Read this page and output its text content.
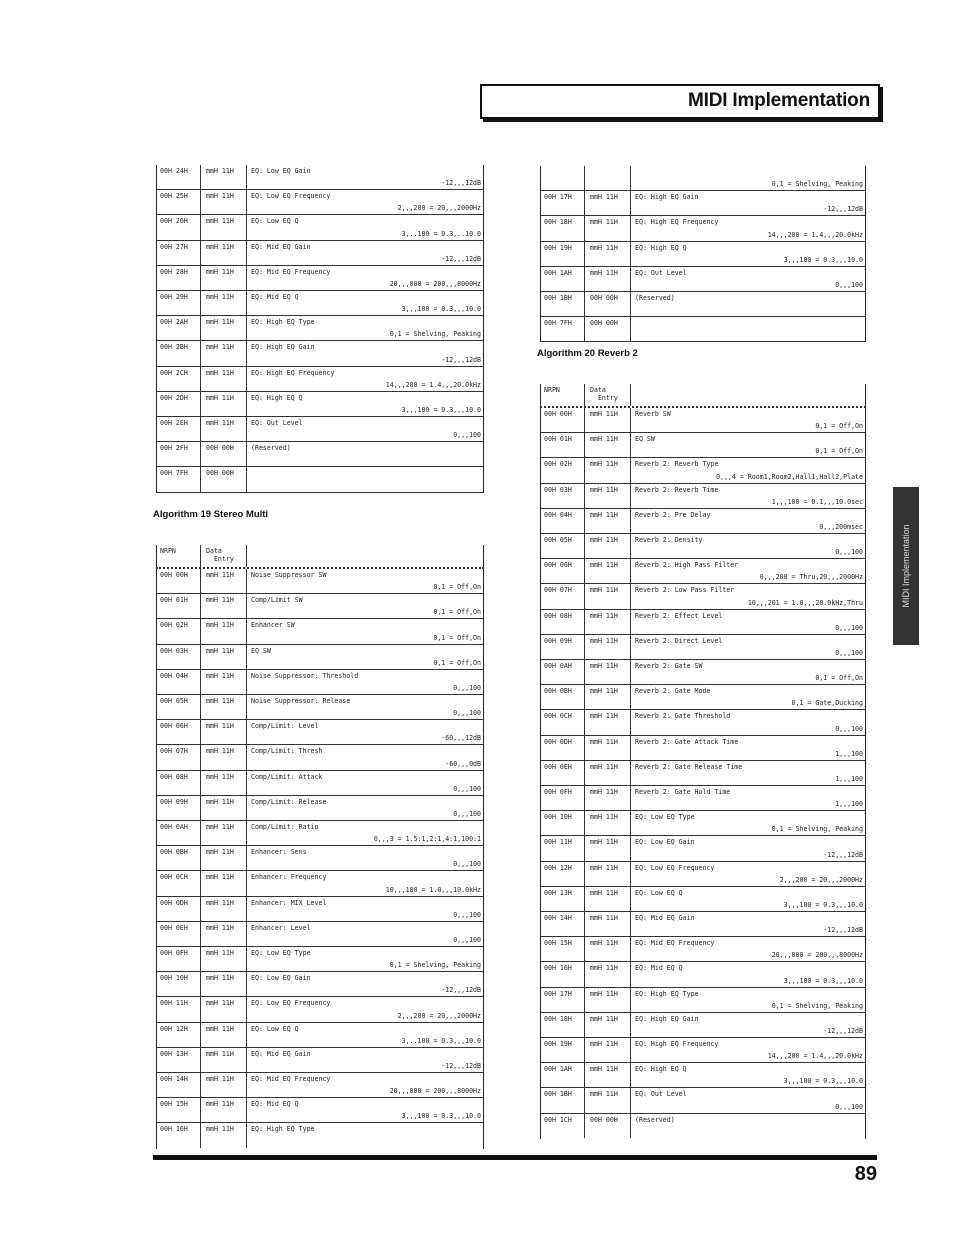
MIDI Implementation
MIDI Implementation
00H 24H	mmH 11H	EQ: Low EQ Gain
-12,,,12dB
00H 25H	mmH 11H	EQ: Low EQ Frequency
2,,,200 = 20,,,2000Hz
00H 26H	mmH 11H	EQ: Low EQ Q
3,..100 = 0.3,..10.0
00H 27H	mmH 11H	EQ: Mid EQ Gain
-12,,,12dB
00H 28H	mmH 11H	EQ: Mid EQ Frequency
20,,,800 = 200,,,8000Hz
00H 29H	mmH 11H	EQ: Mid EQ Q
3,,,100 = 0.3,,,10.0
00H 2AH	mmH 11H	EQ: High EQ Type
0,1 = Shelving, Peaking
00H 2BH	mmH 11H	EQ: High EQ Gain
-12,,,12dB
00H 2CH	mmH 11H	EQ: High EQ Frequency
14,,,200 = 1.4,,,20.0kHz
00H 2DH	mmH 11H	EQ: High EQ Q
3,,,100 = 0.3,,,10.0
00H 2EH	mmH 11H	EQ: Out Level
0,,,100
00H 2FH	00H 00H	(Reserved)
00H 7FH	00H 00H
Algorithm 19 Stereo Multi
NRPN	Data
Entry
00H 00H	mmH 11H	Noise Suppressor SW
0,1 = Off,On
00H 01H	mmH 11H	Comp/Limit SW
0,1 = Off,On
00H 02H	mmH 11H	Enhancer SW
0,1 = Off,On
00H 03H	mmH 11H	EQ SW
0,1 = Off,On
00H 04H	mmH 11H	Noise Suppressor: Threshold
0,,,100
00H 05H	mmH 11H	Noise Suppressor: Release
0,,,100
00H 06H	mmH 11H	Comp/Limit: Level
-60,,,12dB
00H 07H	mmH 11H	Comp/Limit: Thresh
-60,,,0dB
00H 08H	mmH 11H	Comp/Limit: Attack
0,,,100
00H 09H	mmH 11H	Comp/Limit: Release
0,,,100
00H 0AH	mmH 11H	Comp/Limit: Ratio
0,,,3 = 1.5:1,2:1,4:1,100:1
00H 0BH	mmH 11H	Enhancer: Sens
0,,,100
00H 0CH	mmH 11H	Enhancer: Frequency
10,,,100 = 1.0,,,10.0kHz
00H 0DH	mmH 11H	Enhancer: MIX Level
0,,,100
00H 0EH	mmH 11H	Enhancer: Level
0,,,100
00H 0FH	mmH 11H	EQ: Low EQ Type
0,1 = Shelving, Peaking
00H 10H	mmH 11H	EQ: Low EQ Gain
-12,,,12dB
00H 11H	mmH 11H	EQ: Low EQ Frequency
2,,,200 = 20,,,2000Hz
00H 12H	mmH 11H	EQ: Low EQ Q
3,..100 = 0.3,,,10.0
00H 13H	mmH 11H	EQ: Mid EQ Gain
-12,,,12dB
00H 14H	mmH 11H	EQ: Mid EQ Frequency
20,,,800 = 200,,,8000Hz
00H 15H	mmH 11H	EQ: Mid EQ Q
3,,,100 = 0.3,,,10.0
00H 16H	mmH 11H	EQ: High EQ Type
0,1 = Shelving, Peaking
00H 17H	mmH 11H	EQ: High EQ Gain
-12,,,12dB
00H 18H	mmH 11H	EQ: High EQ Frequency
14,,,200 = 1.4,,,20.0kHz
00H 19H	mmH 11H	EQ: High EQ Q
3,,,100 = 0.3,,,10.0
00H 1AH	mmH 11H	EQ: Out Level
0,,,100
00H 1BH	00H 00H	(Reserved)
00H 7FH	00H 00H
Algorithm 20 Reverb 2
NRPN	Data
Entry
00H 00H	mmH 11H	Reverb SW
0,1 = Off,On
00H 01H	mmH 11H	EQ SW
0,1 = Off,On
00H 02H	mmH 11H	Reverb 2: Reverb Type
0,,,4 = Room1,Room2,Hall1,Hall2,Plate
00H 03H	mmH 11H	Reverb 2: Reverb Time
1,,,100 = 0.1,,,10.0sec
00H 04H	mmH 11H	Reverb 2: Pre Delay
0,,,200msec
00H 05H	mmH 11H	Reverb 2: Density
0,,,100
00H 06H	mmH 11H	Reverb 2: High Pass Filter
0,,,200 = Thru,20,,,2000Hz
00H 07H	mmH 11H	Reverb 2: Low Pass Filter
10,,,201 = 1.0,,,20.0kHz,Thru
00H 08H	mmH 11H	Reverb 2: Effect Level
0,,,100
00H 09H	mmH 11H	Reverb 2: Direct Level
0,,,100
00H 0AH	mmH 11H	Reverb 2: Gate SW
0,1 = Off,On
00H 0BH	mmH 11H	Reverb 2: Gate Mode
0,1 = Gate,Ducking
00H 0CH	mmH 11H	Reverb 2: Gate Threshold
0,,,100
00H 0DH	mmH 11H	Reverb 2: Gate Attack Time
1,,,100
00H 0EH	mmH 11H	Reverb 2: Gate Release Time
1,,,100
00H 0FH	mmH 11H	Reverb 2: Gate Hold Time
1,,,100
00H 10H	mmH 11H	EQ: Low EQ Type
0,1 = Shelving, Peaking
00H 11H	mmH 11H	EQ: Low EQ Gain
-12,,,12dB
00H 12H	mmH 11H	EQ: Low EQ Frequency
2,,,200 = 20,,,2000Hz
00H 13H	mmH 11H	EQ: Low EQ Q
3,,,100 = 0.3,,,10.0
00H 14H	mmH 11H	EQ: Mid EQ Gain
-12,,,12dB
00H 15H	mmH 11H	EQ: Mid EQ Frequency
20,,,800 = 200,,,8000Hz
00H 16H	mmH 11H	EQ: Mid EQ Q
3,,,100 = 0.3,,,10.0
00H 17H	mmH 11H	EQ: High EQ Type
0,1 = Shelving, Peaking
00H 18H	mmH 11H	EQ: High EQ Gain
-12,,,12dB
00H 19H	mmH 11H	EQ: High EQ Frequency
14,,,200 = 1.4,,,20.0kHz
00H 1AH	mmH 11H	EQ: High EQ Q
3,,,100 = 0.3,,,10.0
00H 1BH	mmH 11H	EQ: Out Level
0,,,100
00H 1CH	00H 00H	(Reserved)
89
